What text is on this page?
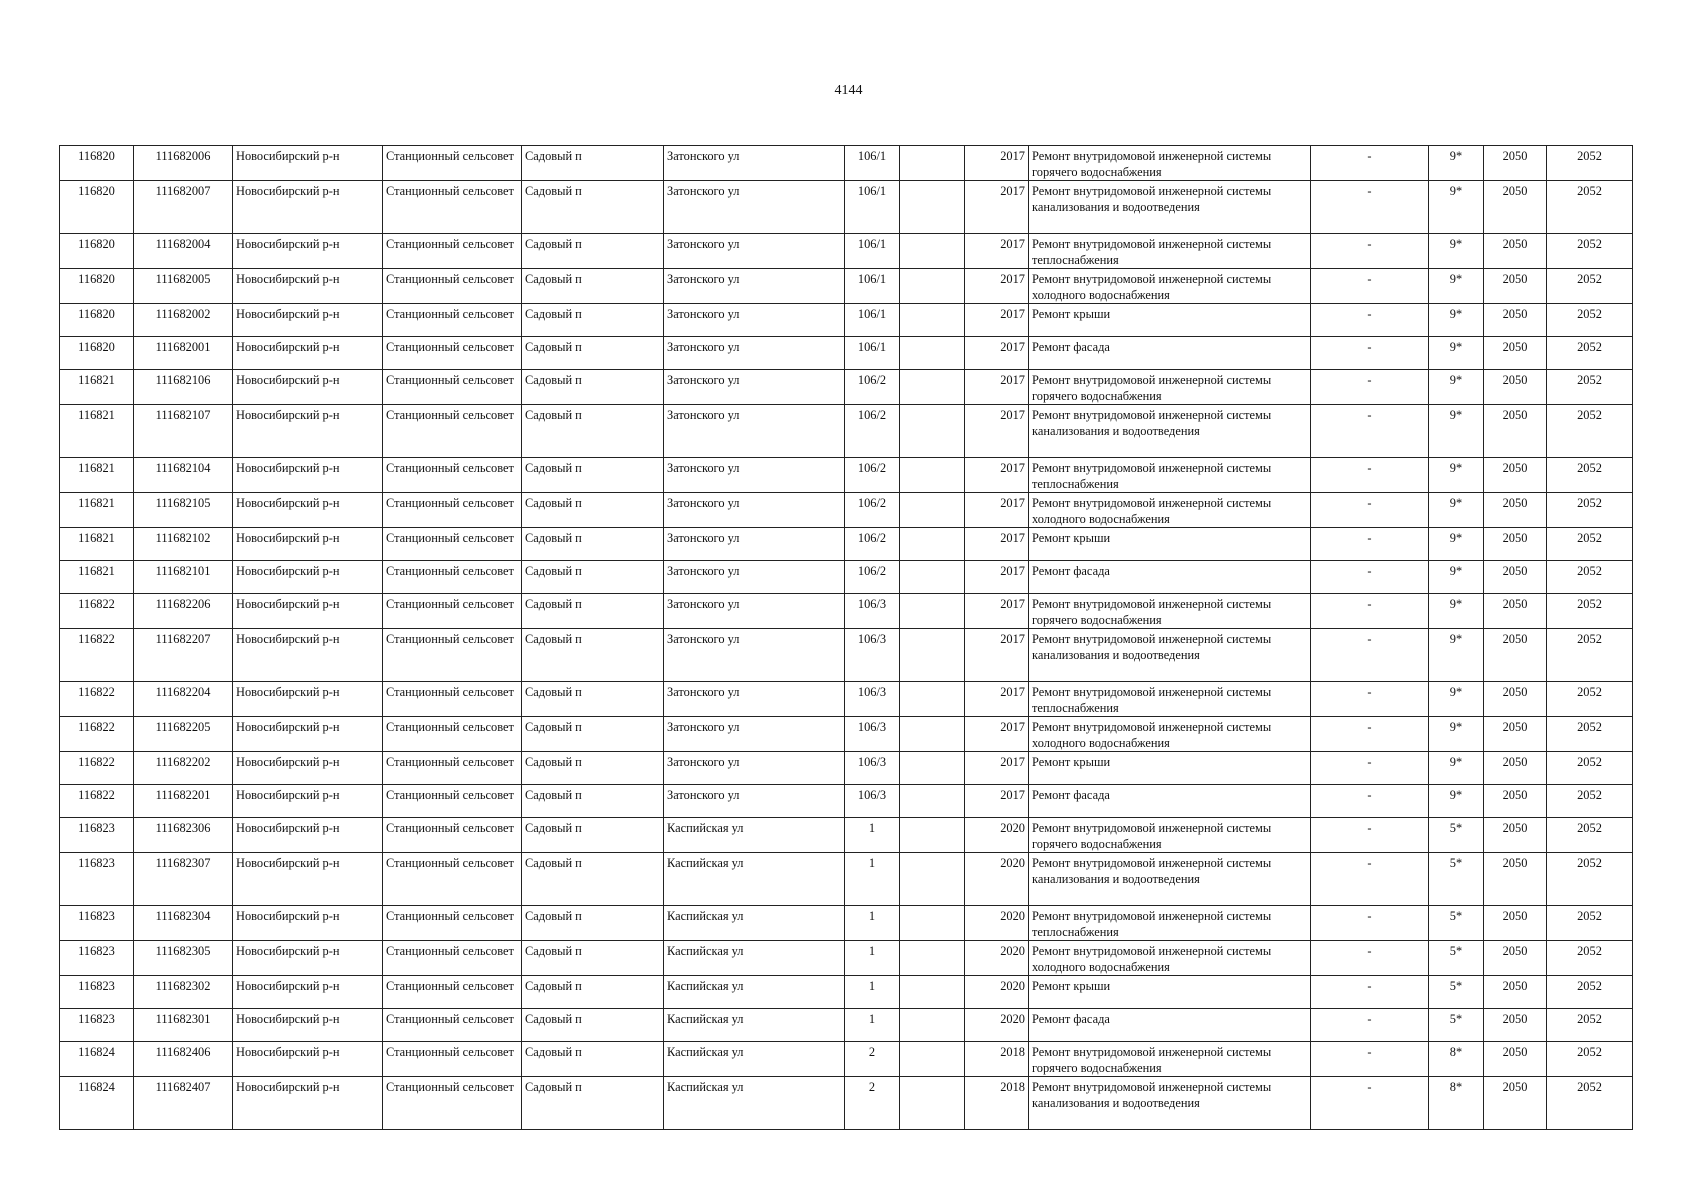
4144
116820	111682006	Новосибирский р-н	Станционный сельсовет	Садовый п	Затонского ул	106/1		2017	Ремонт внутридомовой инженерной системы горячего водоснабжения	-	9*	2050	2052
116820	111682007	Новосибирский р-н	Станционный сельсовет	Садовый п	Затонского ул	106/1		2017	Ремонт внутридомовой инженерной системы канализования и водоотведения	-	9*	2050	2052
116820	111682004	Новосибирский р-н	Станционный сельсовет	Садовый п	Затонского ул	106/1		2017	Ремонт внутридомовой инженерной системы теплоснабжения	-	9*	2050	2052
116820	111682005	Новосибирский р-н	Станционный сельсовет	Садовый п	Затонского ул	106/1		2017	Ремонт внутридомовой инженерной системы холодного водоснабжения	-	9*	2050	2052
116820	111682002	Новосибирский р-н	Станционный сельсовет	Садовый п	Затонского ул	106/1		2017	Ремонт крыши	-	9*	2050	2052
116820	111682001	Новосибирский р-н	Станционный сельсовет	Садовый п	Затонского ул	106/1		2017	Ремонт фасада	-	9*	2050	2052
116821	111682106	Новосибирский р-н	Станционный сельсовет	Садовый п	Затонского ул	106/2		2017	Ремонт внутридомовой инженерной системы горячего водоснабжения	-	9*	2050	2052
116821	111682107	Новосибирский р-н	Станционный сельсовет	Садовый п	Затонского ул	106/2		2017	Ремонт внутридомовой инженерной системы канализования и водоотведения	-	9*	2050	2052
116821	111682104	Новосибирский р-н	Станционный сельсовет	Садовый п	Затонского ул	106/2		2017	Ремонт внутридомовой инженерной системы теплоснабжения	-	9*	2050	2052
116821	111682105	Новосибирский р-н	Станционный сельсовет	Садовый п	Затонского ул	106/2		2017	Ремонт внутридомовой инженерной системы холодного водоснабжения	-	9*	2050	2052
116821	111682102	Новосибирский р-н	Станционный сельсовет	Садовый п	Затонского ул	106/2		2017	Ремонт крыши	-	9*	2050	2052
116821	111682101	Новосибирский р-н	Станционный сельсовет	Садовый п	Затонского ул	106/2		2017	Ремонт фасада	-	9*	2050	2052
116822	111682206	Новосибирский р-н	Станционный сельсовет	Садовый п	Затонского ул	106/3		2017	Ремонт внутридомовой инженерной системы горячего водоснабжения	-	9*	2050	2052
116822	111682207	Новосибирский р-н	Станционный сельсовет	Садовый п	Затонского ул	106/3		2017	Ремонт внутридомовой инженерной системы канализования и водоотведения	-	9*	2050	2052
116822	111682204	Новосибирский р-н	Станционный сельсовет	Садовый п	Затонского ул	106/3		2017	Ремонт внутридомовой инженерной системы теплоснабжения	-	9*	2050	2052
116822	111682205	Новосибирский р-н	Станционный сельсовет	Садовый п	Затонского ул	106/3		2017	Ремонт внутридомовой инженерной системы холодного водоснабжения	-	9*	2050	2052
116822	111682202	Новосибирский р-н	Станционный сельсовет	Садовый п	Затонского ул	106/3		2017	Ремонт крыши	-	9*	2050	2052
116822	111682201	Новосибирский р-н	Станционный сельсовет	Садовый п	Затонского ул	106/3		2017	Ремонт фасада	-	9*	2050	2052
116823	111682306	Новосибирский р-н	Станционный сельсовет	Садовый п	Каспийская ул	1		2020	Ремонт внутридомовой инженерной системы горячего водоснабжения	-	5*	2050	2052
116823	111682307	Новосибирский р-н	Станционный сельсовет	Садовый п	Каспийская ул	1		2020	Ремонт внутридомовой инженерной системы канализования и водоотведения	-	5*	2050	2052
116823	111682304	Новосибирский р-н	Станционный сельсовет	Садовый п	Каспийская ул	1		2020	Ремонт внутридомовой инженерной системы теплоснабжения	-	5*	2050	2052
116823	111682305	Новосибирский р-н	Станционный сельсовет	Садовый п	Каспийская ул	1		2020	Ремонт внутридомовой инженерной системы холодного водоснабжения	-	5*	2050	2052
116823	111682302	Новосибирский р-н	Станционный сельсовет	Садовый п	Каспийская ул	1		2020	Ремонт крыши	-	5*	2050	2052
116823	111682301	Новосибирский р-н	Станционный сельсовет	Садовый п	Каспийская ул	1		2020	Ремонт фасада	-	5*	2050	2052
116824	111682406	Новосибирский р-н	Станционный сельсовет	Садовый п	Каспийская ул	2		2018	Ремонт внутридомовой инженерной системы горячего водоснабжения	-	8*	2050	2052
116824	111682407	Новосибирский р-н	Станционный сельсовет	Садовый п	Каспийская ул	2		2018	Ремонт внутридомовой инженерной системы канализования и водоотведения	-	8*	2050	2052
